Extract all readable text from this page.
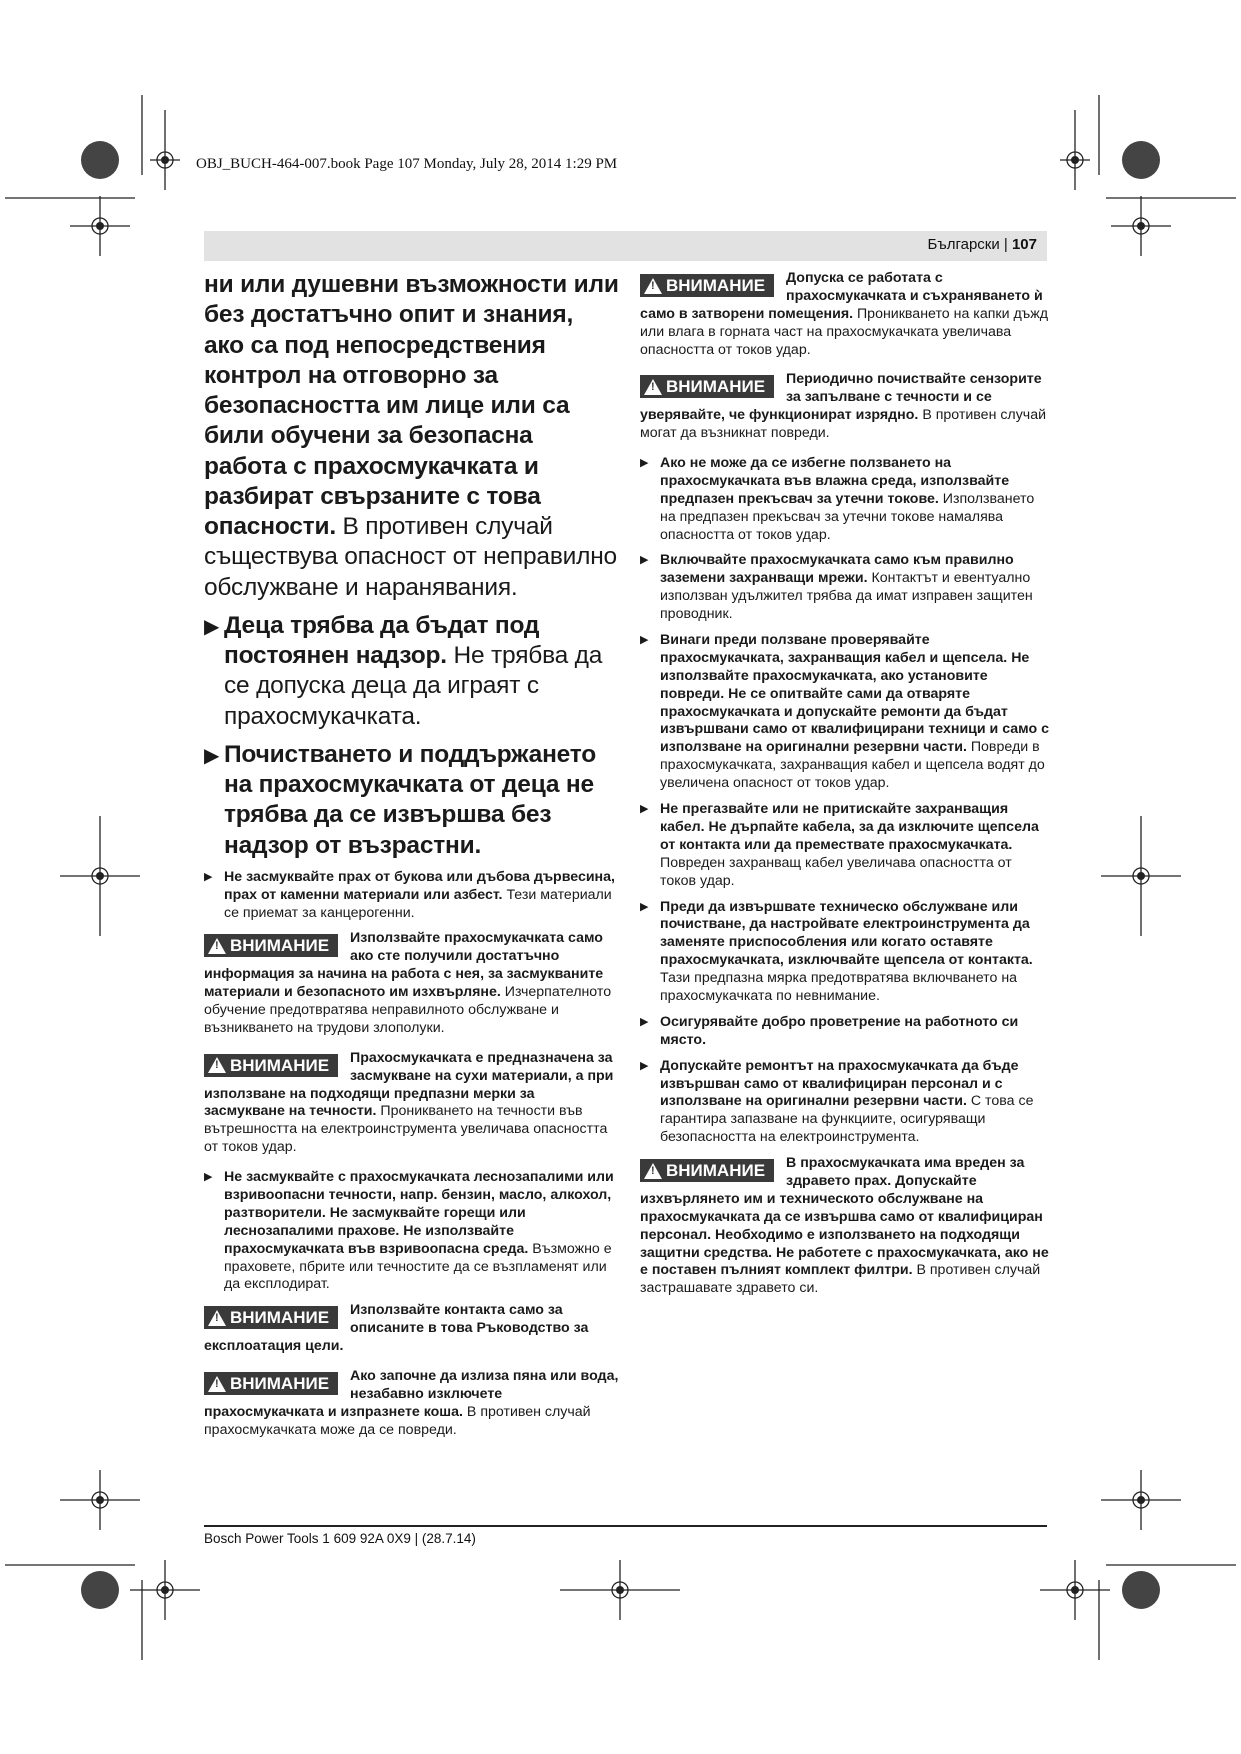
OBJ_BUCH-464-007.book Page 107 Monday, July 28, 2014 1:29 PM
Български | 107

ни или душевни възможности или без достатъчно опит и знания, ако са под непосредствения контрол на отговорно за безопасността им лице или са били обучени за безопасна работа с прахосмукачката и разбират свързаните с това опасности. В противен случай съществува опасност от неправилно обслужване и наранявания.

▶ Деца трябва да бъдат под постоянен надзор. Не трябва да се допуска деца да играят с прахосмукачката.
▶ Почистването и поддържането на прахосмукачката от деца не трябва да се извършва без надзор от възрастни.
▶ Не засмуквайте прах от букова или дъбова дървесина, прах от каменни материали или азбест. Тези материали се приемат за канцерогенни.
!
ВНИМАНИЕ Използвайте прахосмукачката само ако сте получили достатъчно информация за начина на работа с нея, за засмукваните материали и безопасното им изхвърляне. Изчерпателното обучение предотвратява неправилното обслужване и възникването на трудови злополуки.
!
ВНИМАНИЕ Прахосмукачката е предназначена за засмукване на сухи материали, а при използване на подходящи предпазни мерки за засмукване на течности. Проникването на течности във вътрешността на електроинструмента увеличава опасността от токов удар.
▶ Не засмуквайте с прахосмукачката леснозапалими или взривоопасни течности, напр. бензин, масло, алкохол, разтворители. Не засмуквайте горещи или леснозапалими прахове. Не използвайте прахосмукачката във взривоопасна среда. Възможно е праховете, пбрите или течностите да се възпламенят или да експлодират.
!
ВНИМАНИЕ Използвайте контакта само за описаните в това Ръководство за експлоатация цели.
!
ВНИМАНИЕ Ако започне да излиза пяна или вода, незабавно изключете прахосмукачката и изпразнете коша. В противен случай прахосмукачката може да се повреди.
!
ВНИМАНИЕ Допуска се работата с прахосмукачката и съхраняването ѝ само в затворени помещения. Проникването на капки дъжд или влага в горната част на прахосмукачката увеличава опасността от токов удар.
!
ВНИМАНИЕ Периодично почиствайте сензорите за запълване с течности и се уверявайте, че функционират изрядно. В противен случай могат да възникнат повреди.
▶ Ако не може да се избегне ползването на прахосмукачката във влажна среда, използвайте предпазен прекъсвач за утечни токове. Използването на предпазен прекъсвач за утечни токове намалява опасността от токов удар.
▶ Включвайте прахосмукачката само към правилно заземени захранващи мрежи. Контактът и евентуално използван удължител трябва да имат изправен защитен проводник.
▶ Винаги преди ползване проверявайте прахосмукачката, захранващия кабел и щепсела. Не използвайте прахосмукачката, ако установите повреди. Не се опитвайте сами да отваряте прахосмукачката и допускайте ремонти да бъдат извършвани само от квалифицирани техници и само с използване на оригинални резервни части. Повреди в прахосмукачката, захранващия кабел и щепсела водят до увеличена опасност от токов удар.
▶ Не прегазвайте или не притискайте захранващия кабел. Не дърпайте кабела, за да изключите щепсела от контакта или да премествате прахосмукачката. Повреден захранващ кабел увеличава опасността от токов удар.
▶ Преди да извършвате техническо обслужване или почистване, да настройвате електроинструмента да заменяте приспособления или когато оставяте прахосмукачката, изключвайте щепсела от контакта. Тази предпазна мярка предотвратява включването на прахосмукачката по невнимание.
▶ Осигурявайте добро проветрение на работното си място.
▶ Допускайте ремонтът на прахосмукачката да бъде извършван само от квалифициран персонал и с използване на оригинални резервни части. С това се гарантира запазване на функциите, осигуряващи безопасността на електроинструмента.
!
ВНИМАНИЕ В прахосмукачката има вреден за здравето прах. Допускайте изхвърлянето им и техническото обслужване на прахосмукачката да се извършва само от квалифициран персонал. Необходимо е използването на подходящи защитни средства. Не работете с прахосмукачката, ако не е поставен пълният комплект филтри. В противен случай застрашавате здравето си.
Bosch Power Tools 1 609 92A 0X9 | (28.7.14)
